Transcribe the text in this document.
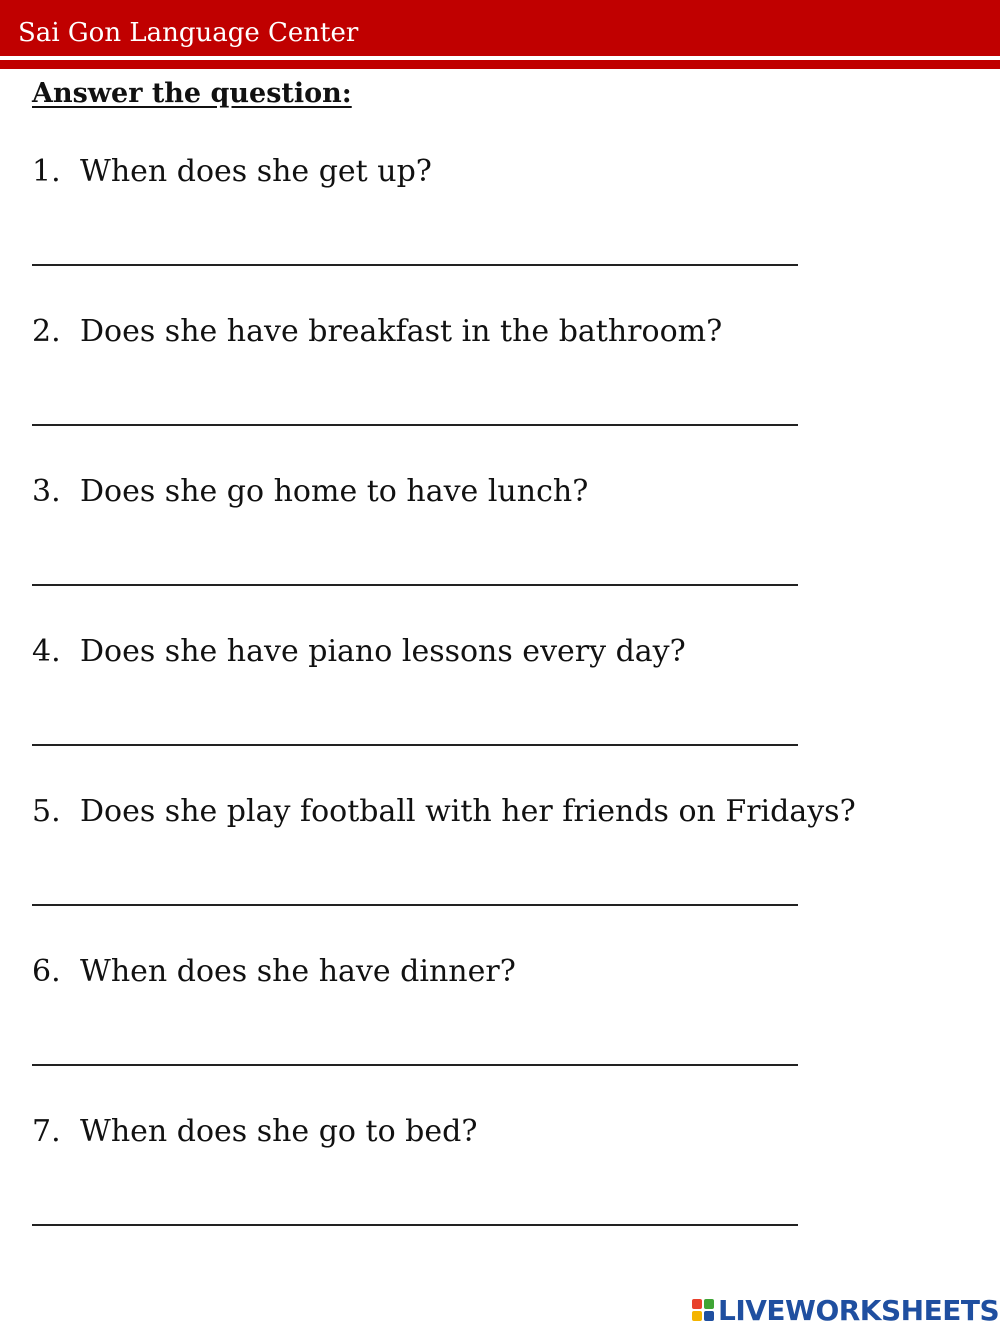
Sai Gon Language Center
Answer the question:
1. When does she get up?
2. Does she have breakfast in the bathroom?
3. Does she go home to have lunch?
4. Does she have piano lessons every day?
5. Does she play football with her friends on Fridays?
6. When does she have dinner?
7. When does she go to bed?
LIVEWORKSHEETS
